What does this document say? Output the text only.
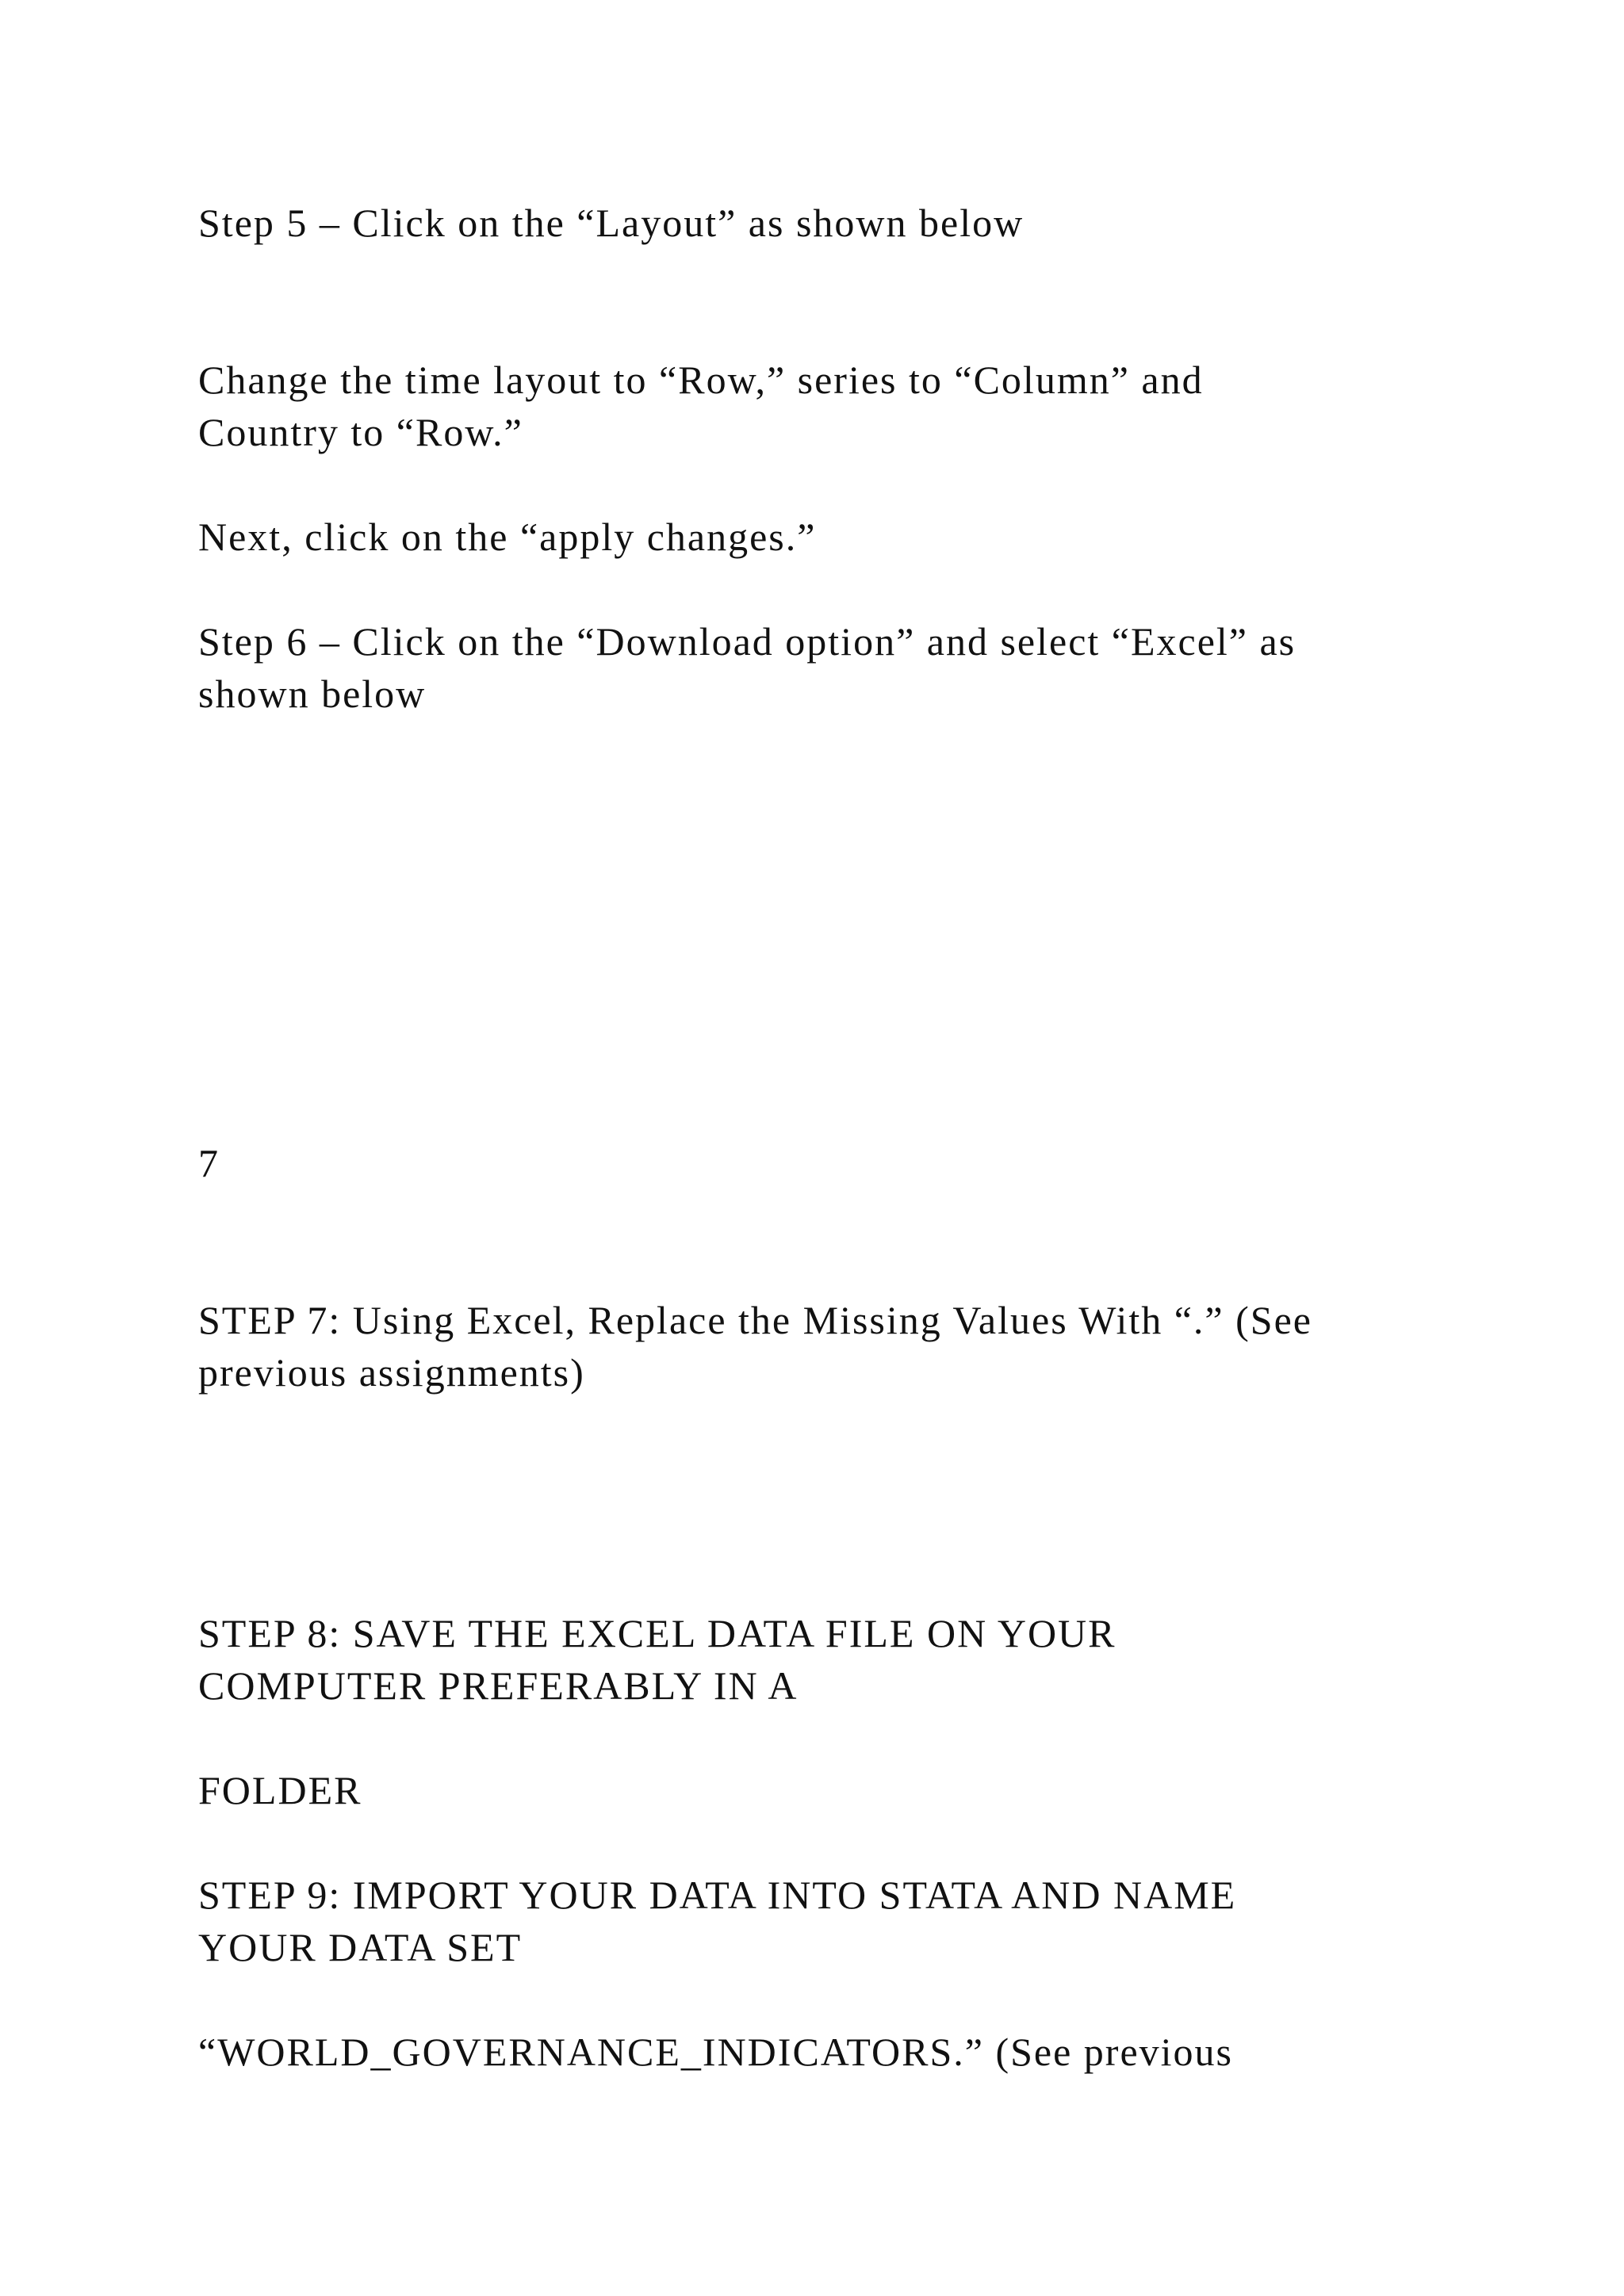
Step 5 – Click on the “Layout” as shown below

Change the time layout to “Row,” series to “Column” and
Country to “Row.”

Next, click on the “apply changes.”

Step 6 – Click on the “Download option” and select “Excel” as
shown below

7

STEP 7: Using Excel, Replace the Missing Values With “.” (See
previous assignments)

STEP 8: SAVE THE EXCEL DATA FILE ON YOUR
COMPUTER PREFERABLY IN A

FOLDER

STEP 9: IMPORT YOUR DATA INTO STATA AND NAME
YOUR DATA SET

“WORLD_GOVERNANCE_INDICATORS.” (See previous
